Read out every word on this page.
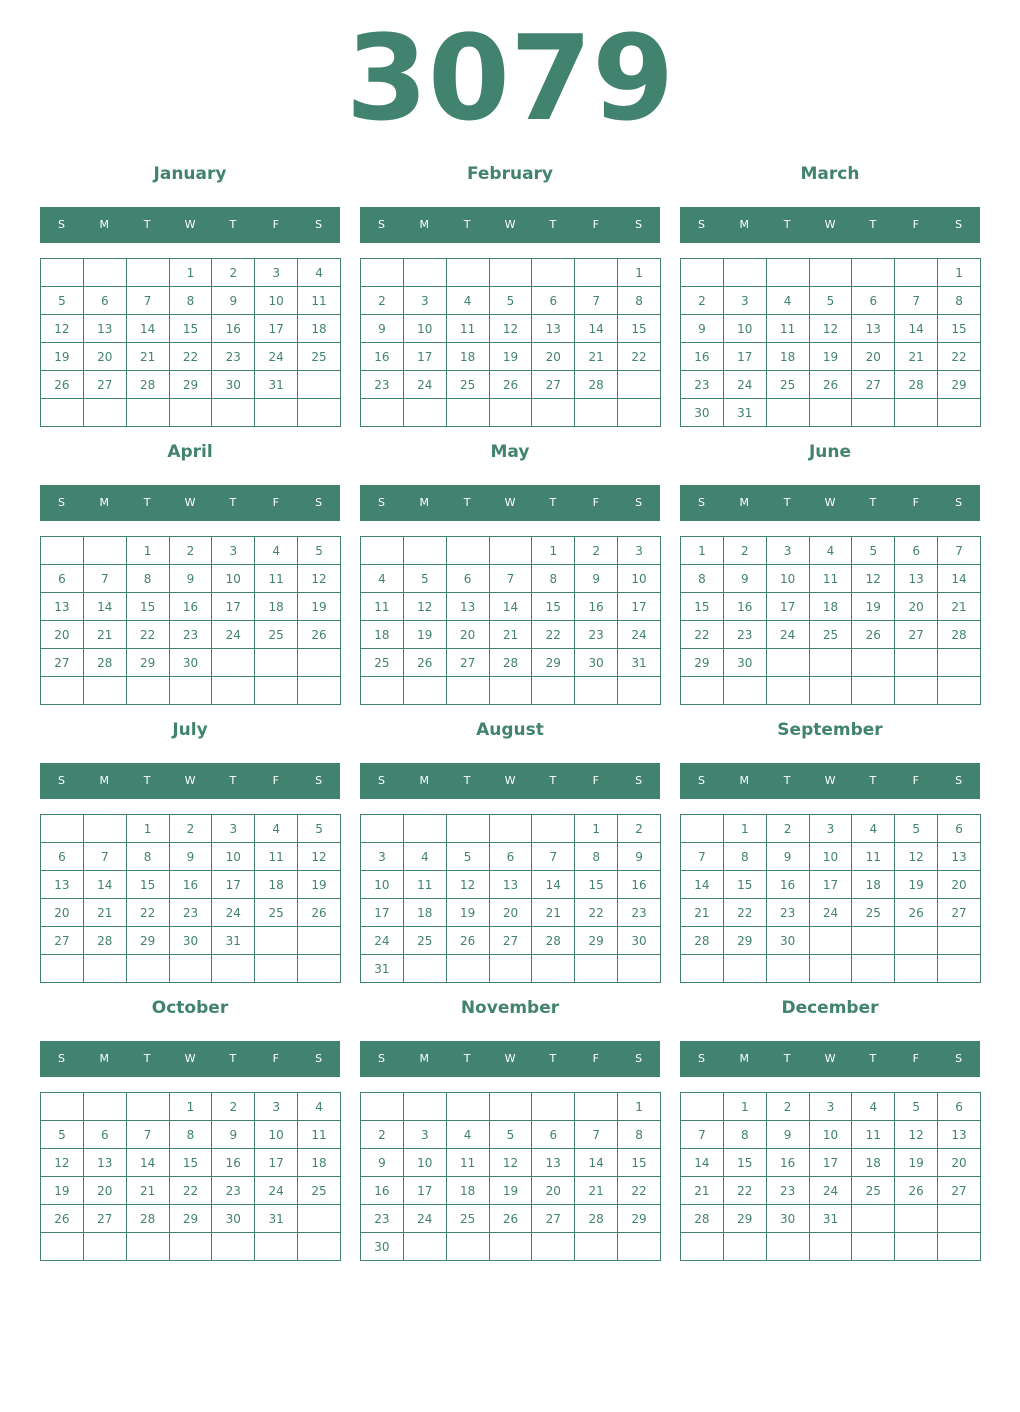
3079
January
S	M	T	W	T	F	S
			1	2	3	4
5	6	7	8	9	10	11
12	13	14	15	16	17	18
19	20	21	22	23	24	25
26	27	28	29	30	31	

February
S	M	T	W	T	F	S
						1
2	3	4	5	6	7	8
9	10	11	12	13	14	15
16	17	18	19	20	21	22
23	24	25	26	27	28	

March
S	M	T	W	T	F	S
						1
2	3	4	5	6	7	8
9	10	11	12	13	14	15
16	17	18	19	20	21	22
23	24	25	26	27	28	29
30	31					
April
S	M	T	W	T	F	S
		1	2	3	4	5
6	7	8	9	10	11	12
13	14	15	16	17	18	19
20	21	22	23	24	25	26
27	28	29	30			

May
S	M	T	W	T	F	S
				1	2	3
4	5	6	7	8	9	10
11	12	13	14	15	16	17
18	19	20	21	22	23	24
25	26	27	28	29	30	31

June
S	M	T	W	T	F	S
1	2	3	4	5	6	7
8	9	10	11	12	13	14
15	16	17	18	19	20	21
22	23	24	25	26	27	28
29	30					

July
S	M	T	W	T	F	S
		1	2	3	4	5
6	7	8	9	10	11	12
13	14	15	16	17	18	19
20	21	22	23	24	25	26
27	28	29	30	31		

August
S	M	T	W	T	F	S
					1	2
3	4	5	6	7	8	9
10	11	12	13	14	15	16
17	18	19	20	21	22	23
24	25	26	27	28	29	30
31						
September
S	M	T	W	T	F	S
	1	2	3	4	5	6
7	8	9	10	11	12	13
14	15	16	17	18	19	20
21	22	23	24	25	26	27
28	29	30				

October
S	M	T	W	T	F	S
			1	2	3	4
5	6	7	8	9	10	11
12	13	14	15	16	17	18
19	20	21	22	23	24	25
26	27	28	29	30	31	

November
S	M	T	W	T	F	S
						1
2	3	4	5	6	7	8
9	10	11	12	13	14	15
16	17	18	19	20	21	22
23	24	25	26	27	28	29
30						
December
S	M	T	W	T	F	S
	1	2	3	4	5	6
7	8	9	10	11	12	13
14	15	16	17	18	19	20
21	22	23	24	25	26	27
28	29	30	31			
